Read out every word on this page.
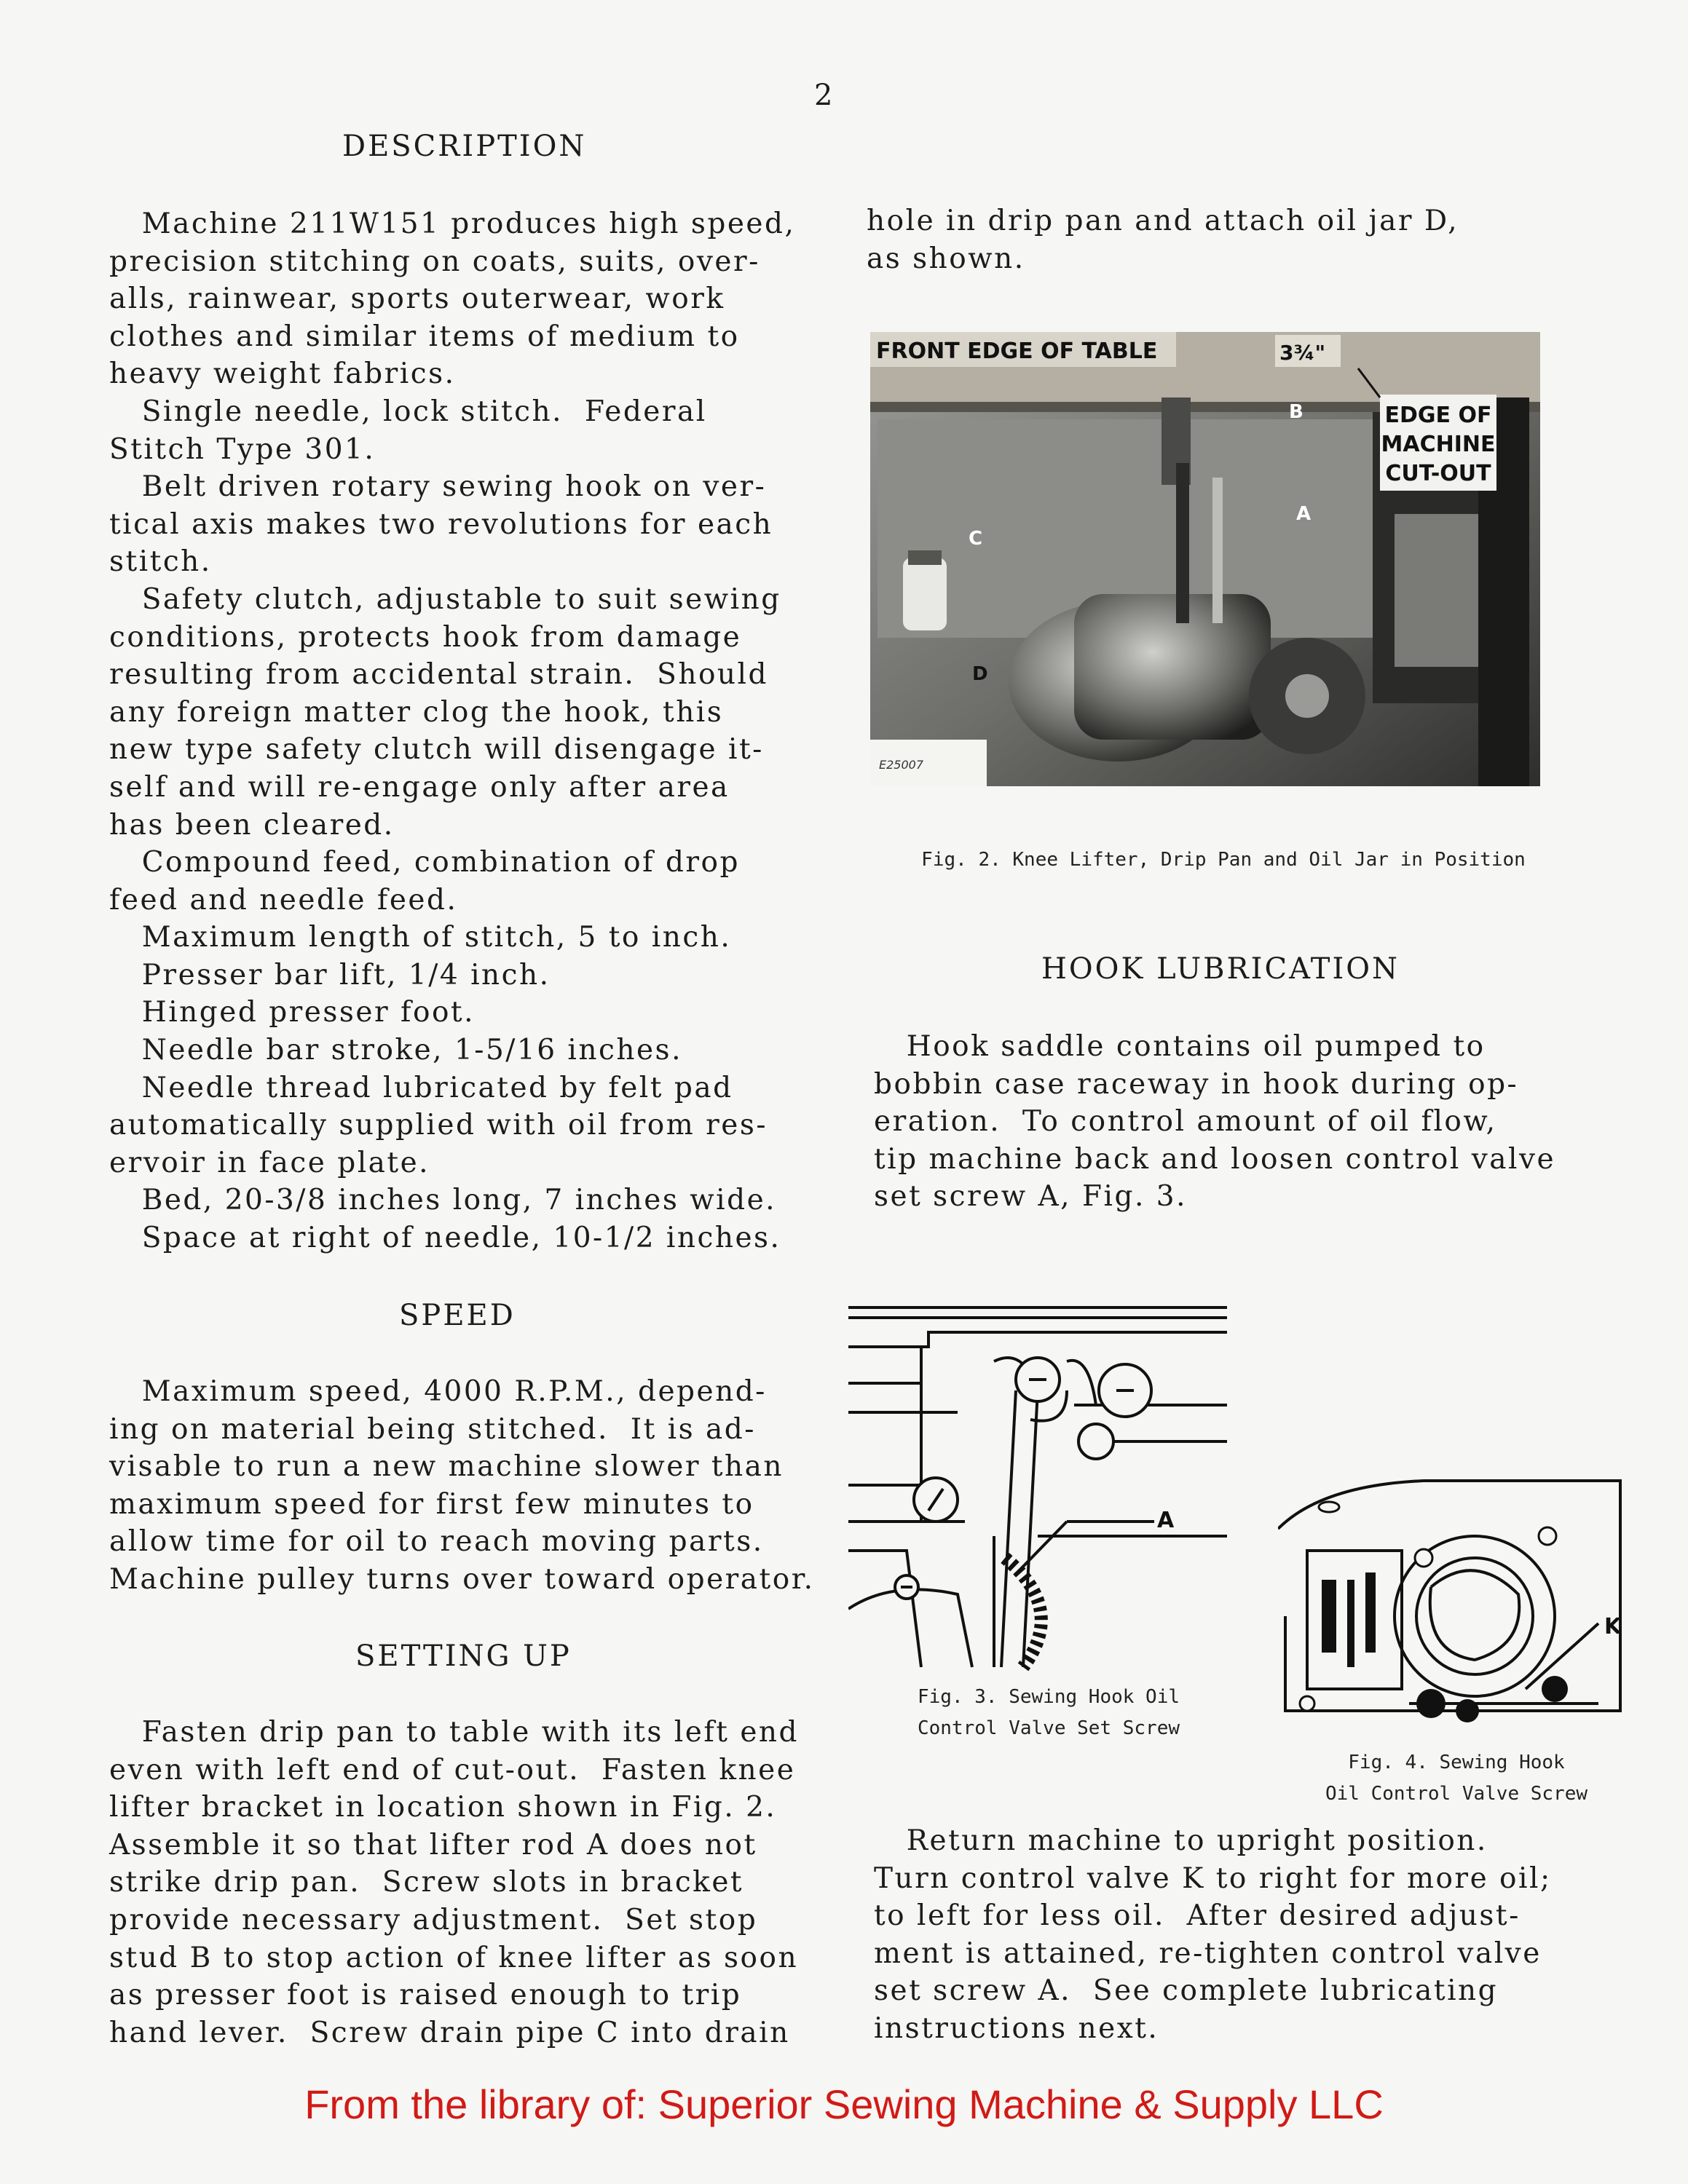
2
DESCRIPTION

Machine 211W151 produces high speed,

precision stitching on coats, suits, over-

alls, rainwear, sports outerwear, work

clothes and similar items of medium to

heavy weight fabrics.

Single needle, lock stitch.  Federal

Stitch Type 301.

Belt driven rotary sewing hook on ver-

tical axis makes two revolutions for each

stitch.

Safety clutch, adjustable to suit sewing

conditions, protects hook from damage

resulting from accidental strain.  Should

any foreign matter clog the hook, this

new type safety clutch will disengage it-

self and will re-engage only after area

has been cleared.

Compound feed, combination of drop

feed and needle feed.

Maximum length of stitch, 5 to inch.

Presser bar lift, 1/4 inch.

Hinged presser foot.

Needle bar stroke, 1-5/16 inches.

Needle thread lubricated by felt pad

automatically supplied with oil from res-

ervoir in face plate.

Bed, 20-3/8 inches long, 7 inches wide.

Space at right of needle, 10-1/2 inches.

SPEED

Maximum speed, 4000 R.P.M., depend-

ing on material being stitched.  It is ad-

visable to run a new machine slower than

maximum speed for first few minutes to

allow time for oil to reach moving parts.

Machine pulley turns over toward operator.

SETTING UP

Fasten drip pan to table with its left end

even with left end of cut-out.  Fasten knee

lifter bracket in location shown in Fig. 2.

Assemble it so that lifter rod A does not

strike drip pan.  Screw slots in bracket

provide necessary adjustment.  Set stop

stud B to stop action of knee lifter as soon

as presser foot is raised enough to trip

hand lever.  Screw drain pipe C into drain

hole in drip pan and attach oil jar D,

as shown.

FRONT EDGE OF TABLE	3¾"
EDGE OF
MACHINE
CUT-OUT
B
A
C
D
E25007
Fig. 2. Knee Lifter, Drip Pan and Oil Jar in Position
HOOK LUBRICATION

Hook saddle contains oil pumped to

bobbin case raceway in hook during op-

eration.  To control amount of oil flow,

tip machine back and loosen control valve

set screw A, Fig. 3.

A
Fig. 3. Sewing Hook Oil
Control Valve Set Screw
K
Fig. 4. Sewing Hook
Oil Control Valve Screw

Return machine to upright position.

Turn control valve K to right for more oil;

to left for less oil.  After desired adjust-

ment is attained, re-tighten control valve

set screw A.  See complete lubricating

instructions next.

From the library of: Superior Sewing Machine & Supply LLC
